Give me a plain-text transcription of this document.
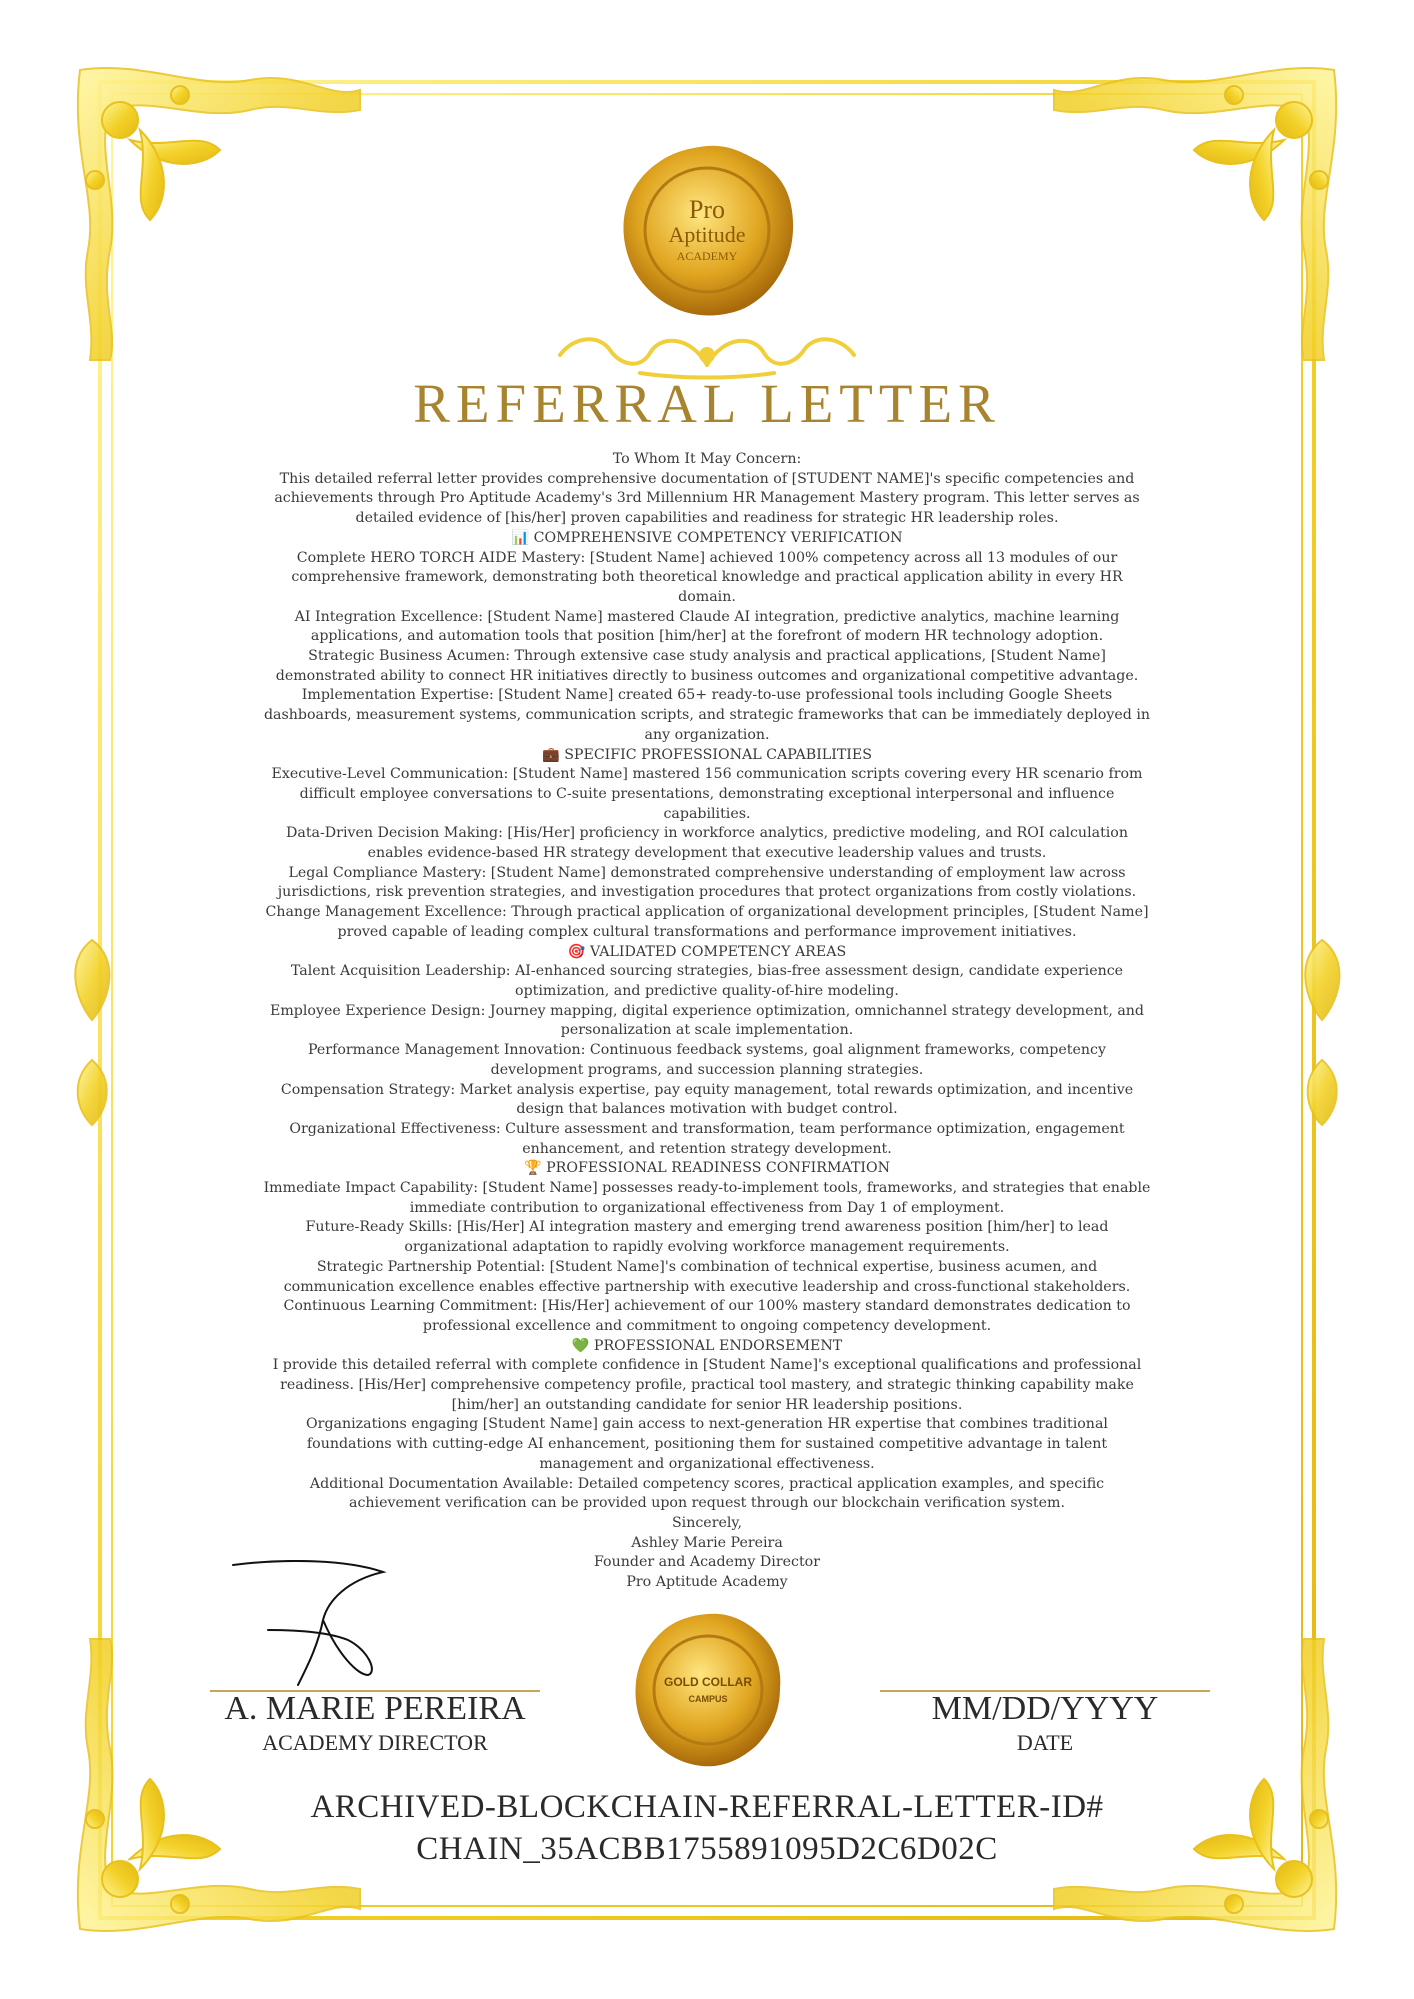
Pro
Aptitude
ACADEMY
REFERRAL LETTER

To Whom It May Concern:

This detailed referral letter provides comprehensive documentation of [STUDENT NAME]'s specific competencies and achievements through Pro Aptitude Academy's 3rd Millennium HR Management Mastery program. This letter serves as detailed evidence of [his/her] proven capabilities and readiness for strategic HR leadership roles.

📊 COMPREHENSIVE COMPETENCY VERIFICATION

Complete HERO TORCH AIDE Mastery: [Student Name] achieved 100% competency across all 13 modules of our comprehensive framework, demonstrating both theoretical knowledge and practical application ability in every HR domain.

AI Integration Excellence: [Student Name] mastered Claude AI integration, predictive analytics, machine learning applications, and automation tools that position [him/her] at the forefront of modern HR technology adoption.

Strategic Business Acumen: Through extensive case study analysis and practical applications, [Student Name] demonstrated ability to connect HR initiatives directly to business outcomes and organizational competitive advantage.

Implementation Expertise: [Student Name] created 65+ ready-to-use professional tools including Google Sheets dashboards, measurement systems, communication scripts, and strategic frameworks that can be immediately deployed in any organization.

💼 SPECIFIC PROFESSIONAL CAPABILITIES

Executive-Level Communication: [Student Name] mastered 156 communication scripts covering every HR scenario from difficult employee conversations to C-suite presentations, demonstrating exceptional interpersonal and influence capabilities.

Data-Driven Decision Making: [His/Her] proficiency in workforce analytics, predictive modeling, and ROI calculation enables evidence-based HR strategy development that executive leadership values and trusts.

Legal Compliance Mastery: [Student Name] demonstrated comprehensive understanding of employment law across jurisdictions, risk prevention strategies, and investigation procedures that protect organizations from costly violations.

Change Management Excellence: Through practical application of organizational development principles, [Student Name] proved capable of leading complex cultural transformations and performance improvement initiatives.

🎯 VALIDATED COMPETENCY AREAS

Talent Acquisition Leadership: AI-enhanced sourcing strategies, bias-free assessment design, candidate experience optimization, and predictive quality-of-hire modeling.

Employee Experience Design: Journey mapping, digital experience optimization, omnichannel strategy development, and personalization at scale implementation.

Performance Management Innovation: Continuous feedback systems, goal alignment frameworks, competency development programs, and succession planning strategies.

Compensation Strategy: Market analysis expertise, pay equity management, total rewards optimization, and incentive design that balances motivation with budget control.

Organizational Effectiveness: Culture assessment and transformation, team performance optimization, engagement enhancement, and retention strategy development.

🏆 PROFESSIONAL READINESS CONFIRMATION

Immediate Impact Capability: [Student Name] possesses ready-to-implement tools, frameworks, and strategies that enable immediate contribution to organizational effectiveness from Day 1 of employment.

Future-Ready Skills: [His/Her] AI integration mastery and emerging trend awareness position [him/her] to lead organizational adaptation to rapidly evolving workforce management requirements.

Strategic Partnership Potential: [Student Name]'s combination of technical expertise, business acumen, and communication excellence enables effective partnership with executive leadership and cross-functional stakeholders.

Continuous Learning Commitment: [His/Her] achievement of our 100% mastery standard demonstrates dedication to professional excellence and commitment to ongoing competency development.

💚 PROFESSIONAL ENDORSEMENT

I provide this detailed referral with complete confidence in [Student Name]'s exceptional qualifications and professional readiness. [His/Her] comprehensive competency profile, practical tool mastery, and strategic thinking capability make [him/her] an outstanding candidate for senior HR leadership positions.

Organizations engaging [Student Name] gain access to next-generation HR expertise that combines traditional foundations with cutting-edge AI enhancement, positioning them for sustained competitive advantage in talent management and organizational effectiveness.

Additional Documentation Available: Detailed competency scores, practical application examples, and specific achievement verification can be provided upon request through our blockchain verification system.

Sincerely,

Ashley Marie Pereira

Founder and Academy Director

Pro Aptitude Academy

A. MARIE PEREIRA
ACADEMY DIRECTOR
GOLD COLLAR
CAMPUS	MM/DD/YYYY
DATE
ARCHIVED-BLOCKCHAIN-REFERRAL-LETTER-ID#
CHAIN_35ACBB1755891095D2C6D02C
